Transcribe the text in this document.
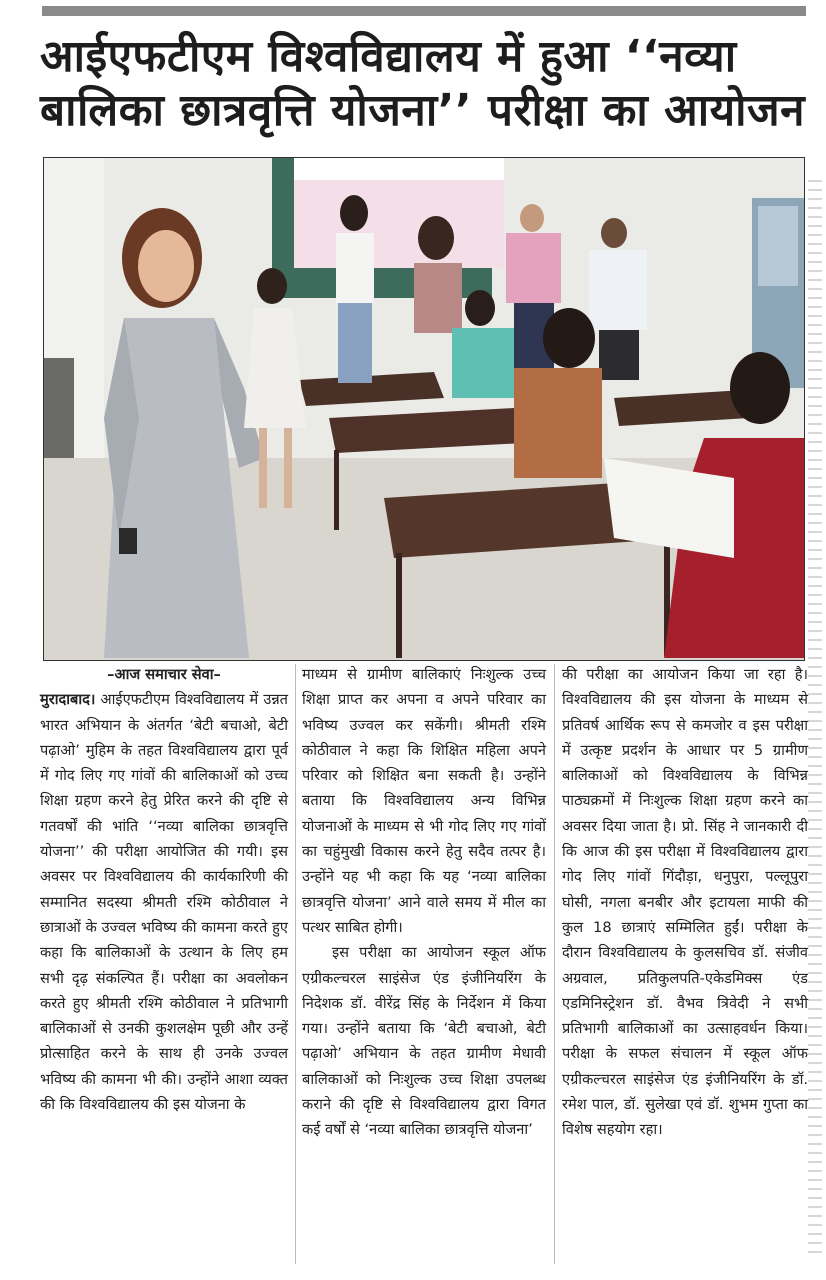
आईएफटीएम विश्वविद्यालय में हुआ ‘‘नव्या बालिका छात्रवृत्ति योजना’’ परीक्षा का आयोजन

–आज समाचार सेवा–

मुरादाबाद। आईएफटीएम विश्वविद्यालय में उन्नत भारत अभियान के अंतर्गत ‘बेटी बचाओ, बेटी पढ़ाओ’ मुहिम के तहत विश्वविद्यालय द्वारा पूर्व में गोद लिए गए गांवों की बालिकाओं को उच्च शिक्षा ग्रहण करने हेतु प्रेरित करने की दृष्टि से गतवर्षों की भांति ‘‘नव्या बालिका छात्रवृत्ति योजना’’ की परीक्षा आयोजित की गयी। इस अवसर पर विश्वविद्यालय की कार्यकारिणी की सम्मानित सदस्या श्रीमती रश्मि कोठीवाल ने छात्राओं के उज्वल भविष्य की कामना करते हुए कहा कि बालिकाओं के उत्थान के लिए हम सभी दृढ़ संकल्पित हैं। परीक्षा का अवलोकन करते हुए श्रीमती रश्मि कोठीवाल ने प्रतिभागी बालिकाओं से उनकी कुशलक्षेम पूछी और उन्हें प्रोत्साहित करने के साथ ही उनके उज्वल भविष्य की कामना भी की। उन्होंने आशा व्यक्त की कि विश्वविद्यालय की इस योजना के

माध्यम से ग्रामीण बालिकाएं निःशुल्क उच्च शिक्षा प्राप्त कर अपना व अपने परिवार का भविष्य उज्वल कर सकेंगी। श्रीमती रश्मि कोठीवाल ने कहा कि शिक्षित महिला अपने परिवार को शिक्षित बना सकती है। उन्होंने बताया कि विश्वविद्यालय अन्य विभिन्न योजनाओं के माध्यम से भी गोद लिए गए गांवों का चहुंमुखी विकास करने हेतु सदैव तत्पर है। उन्होंने यह भी कहा कि यह ‘नव्या बालिका छात्रवृत्ति योजना’ आने वाले समय में मील का पत्थर साबित होगी।

इस परीक्षा का आयोजन स्कूल ऑफ एग्रीकल्चरल साइंसेज एंड इंजीनियरिंग के निदेशक डॉ. वीरेंद्र सिंह के निर्देशन में किया गया। उन्होंने बताया कि ‘बेटी बचाओ, बेटी पढ़ाओ’ अभियान के तहत ग्रामीण मेधावी बालिकाओं को निःशुल्क उच्च शिक्षा उपलब्ध कराने की दृष्टि से विश्वविद्यालय द्वारा विगत कई वर्षों से ‘नव्या बालिका छात्रवृत्ति योजना’

की परीक्षा का आयोजन किया जा रहा है। विश्वविद्यालय की इस योजना के माध्यम से प्रतिवर्ष आर्थिक रूप से कमजोर व इस परीक्षा में उत्कृष्ट प्रदर्शन के आधार पर 5 ग्रामीण बालिकाओं को विश्वविद्यालय के विभिन्न पाठ्यक्रमों में निःशुल्क शिक्षा ग्रहण करने का अवसर दिया जाता है। प्रो. सिंह ने जानकारी दी कि आज की इस परीक्षा में विश्वविद्यालय द्वारा गोद लिए गांवों गिंदौड़ा, धनुपुरा, पल्लूपुरा घोसी, नगला बनबीर और इटायला माफी की कुल 18 छात्राएं सम्मिलित हुईं। परीक्षा के दौरान विश्वविद्यालय के कुलसचिव डॉ. संजीव अग्रवाल, प्रतिकुलपति-एकेडमिक्स एंड एडमिनिस्ट्रेशन डॉ. वैभव त्रिवेदी ने सभी प्रतिभागी बालिकाओं का उत्साहवर्धन किया। परीक्षा के सफल संचालन में स्कूल ऑफ एग्रीकल्चरल साइंसेज एंड इंजीनियरिंग के डॉ. रमेश पाल, डॉ. सुलेखा एवं डॉ. शुभम गुप्ता का विशेष सहयोग रहा।
